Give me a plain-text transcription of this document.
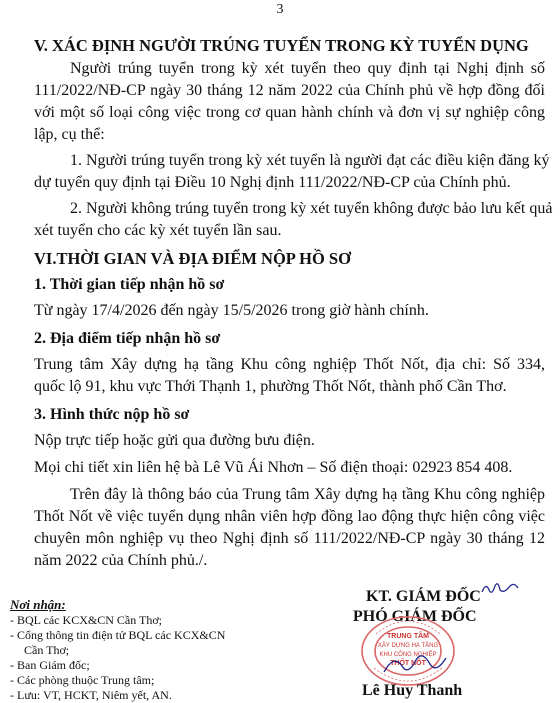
3
V. XÁC ĐỊNH NGƯỜI TRÚNG TUYỂN TRONG KỲ TUYỂN DỤNG
Người trúng tuyển trong kỳ xét tuyển theo quy định tại Nghị định số
111/2022/NĐ-CP ngày 30 tháng 12 năm 2022 của Chính phủ về hợp đồng đối
với một số loại công việc trong cơ quan hành chính và đơn vị sự nghiệp công
lập, cụ thể:
1. Người trúng tuyển trong kỳ xét tuyển là người đạt các điều kiện đăng ký
dự tuyển quy định tại Điều 10 Nghị định 111/2022/NĐ-CP của Chính phủ.
2. Người không trúng tuyển trong kỳ xét tuyển không được bảo lưu kết quả
xét tuyển cho các kỳ xét tuyển lần sau.
VI.THỜI GIAN VÀ ĐỊA ĐIỂM NỘP HỒ SƠ
1. Thời gian tiếp nhận hồ sơ
Từ ngày 17/4/2026 đến ngày 15/5/2026 trong giờ hành chính.
2. Địa điểm tiếp nhận hồ sơ
Trung tâm Xây dựng hạ tầng Khu công nghiệp Thốt Nốt, địa chỉ: Số 334,
quốc lộ 91, khu vực Thới Thạnh 1, phường Thốt Nốt, thành phố Cần Thơ.
3. Hình thức nộp hồ sơ
Nộp trực tiếp hoặc gửi qua đường bưu điện.
Mọi chi tiết xin liên hệ bà Lê Vũ Ái Nhơn – Số điện thoại: 02923 854 408.
Trên đây là thông báo của Trung tâm Xây dựng hạ tầng Khu công nghiệp
Thốt Nốt về việc tuyển dụng nhân viên hợp đồng lao động thực hiện công việc
chuyên môn nghiệp vụ theo Nghị định số 111/2022/NĐ-CP ngày 30 tháng 12
năm 2022 của Chính phủ./.
Nơi nhận:
- BQL các KCX&CN Cần Thơ;
- Cổng thông tin điện tử BQL các KCX&CN
Cần Thơ;
- Ban Giám đốc;
- Các phòng thuộc Trung tâm;
- Lưu: VT, HCKT, Niêm yết, AN.
KT. GIÁM ĐỐC
PHÓ GIÁM ĐỐC
TRUNG TÂM
XÂY DỰNG HẠ TẦNG
KHU CÔNG NGHIỆP
THỐT NỐT
Lê Huy Thanh
